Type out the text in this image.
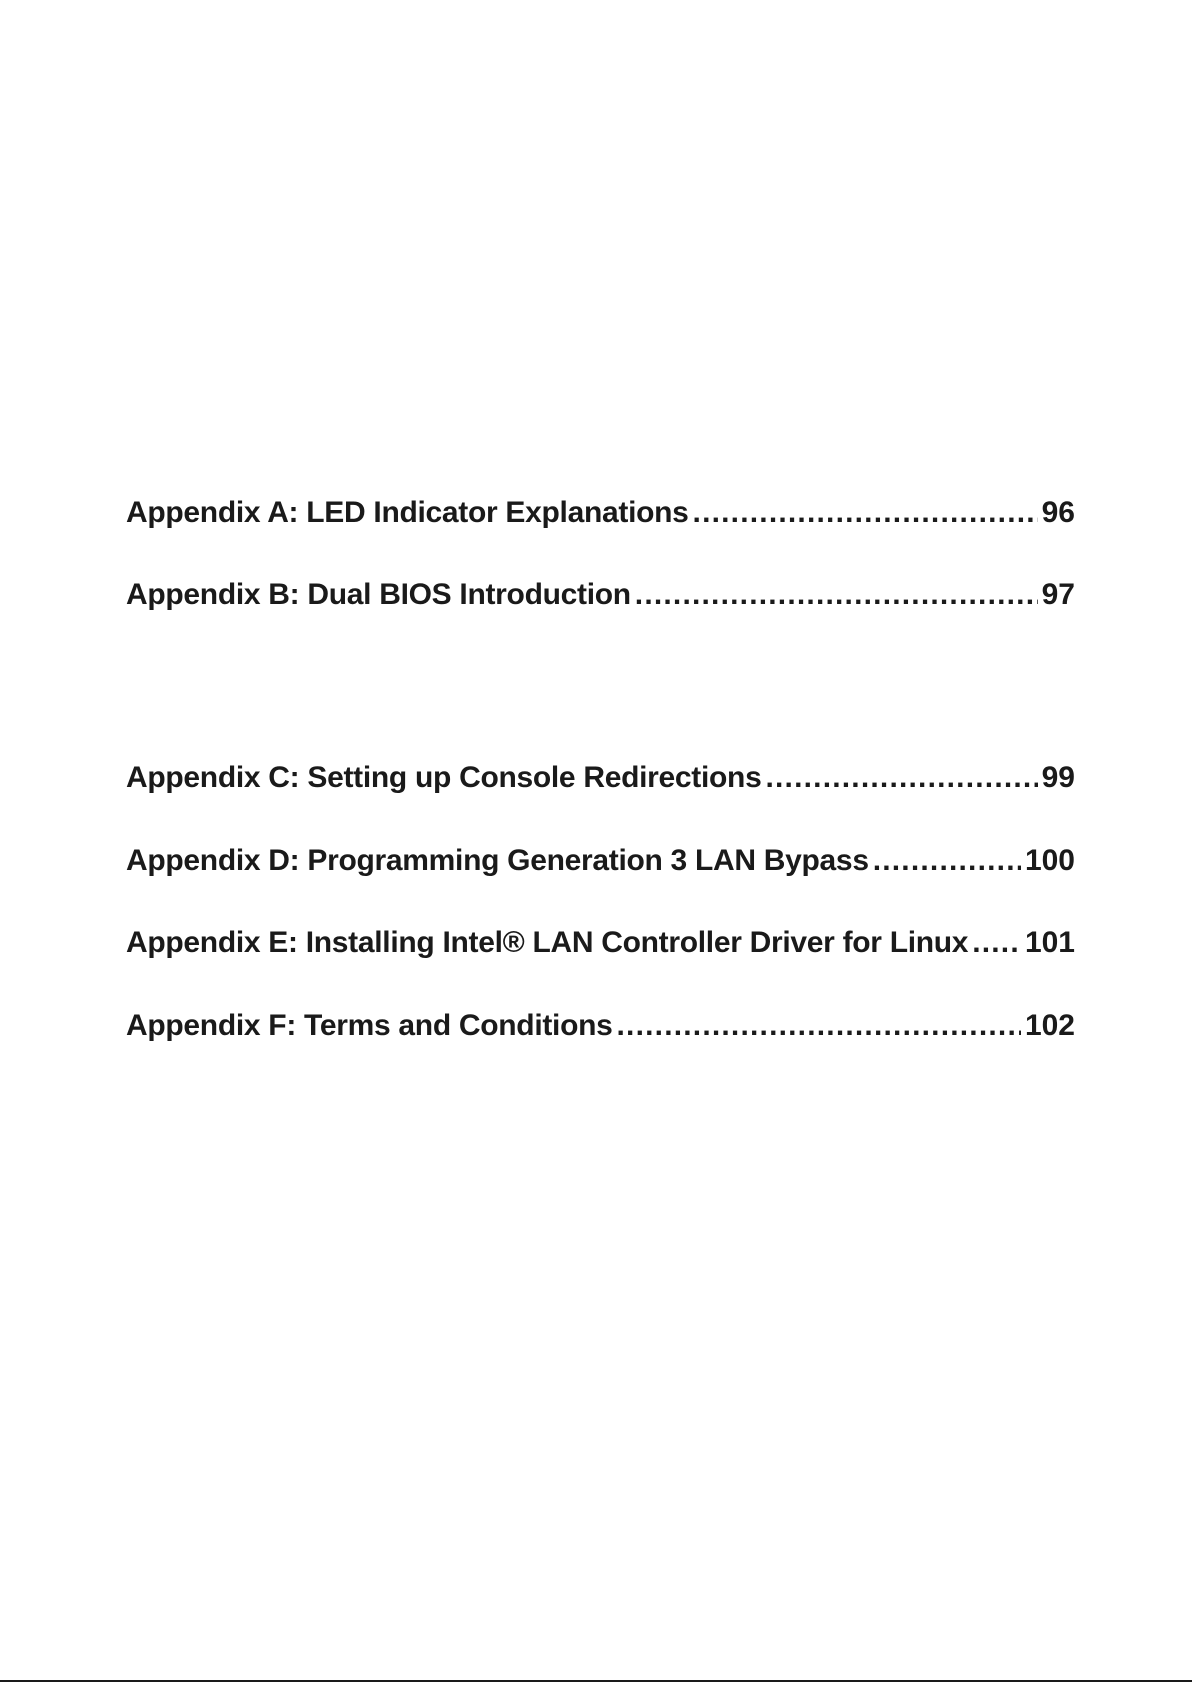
Appendix A: LED Indicator Explanations .....	96
Appendix B: Dual BIOS Introduction .....	97
Appendix C: Setting up Console Redirections .....	99
Appendix D: Programming Generation 3 LAN Bypass .....	100
Appendix E: Installing Intel® LAN Controller Driver for Linux ..... 101
Appendix F: Terms and Conditions .....	102
